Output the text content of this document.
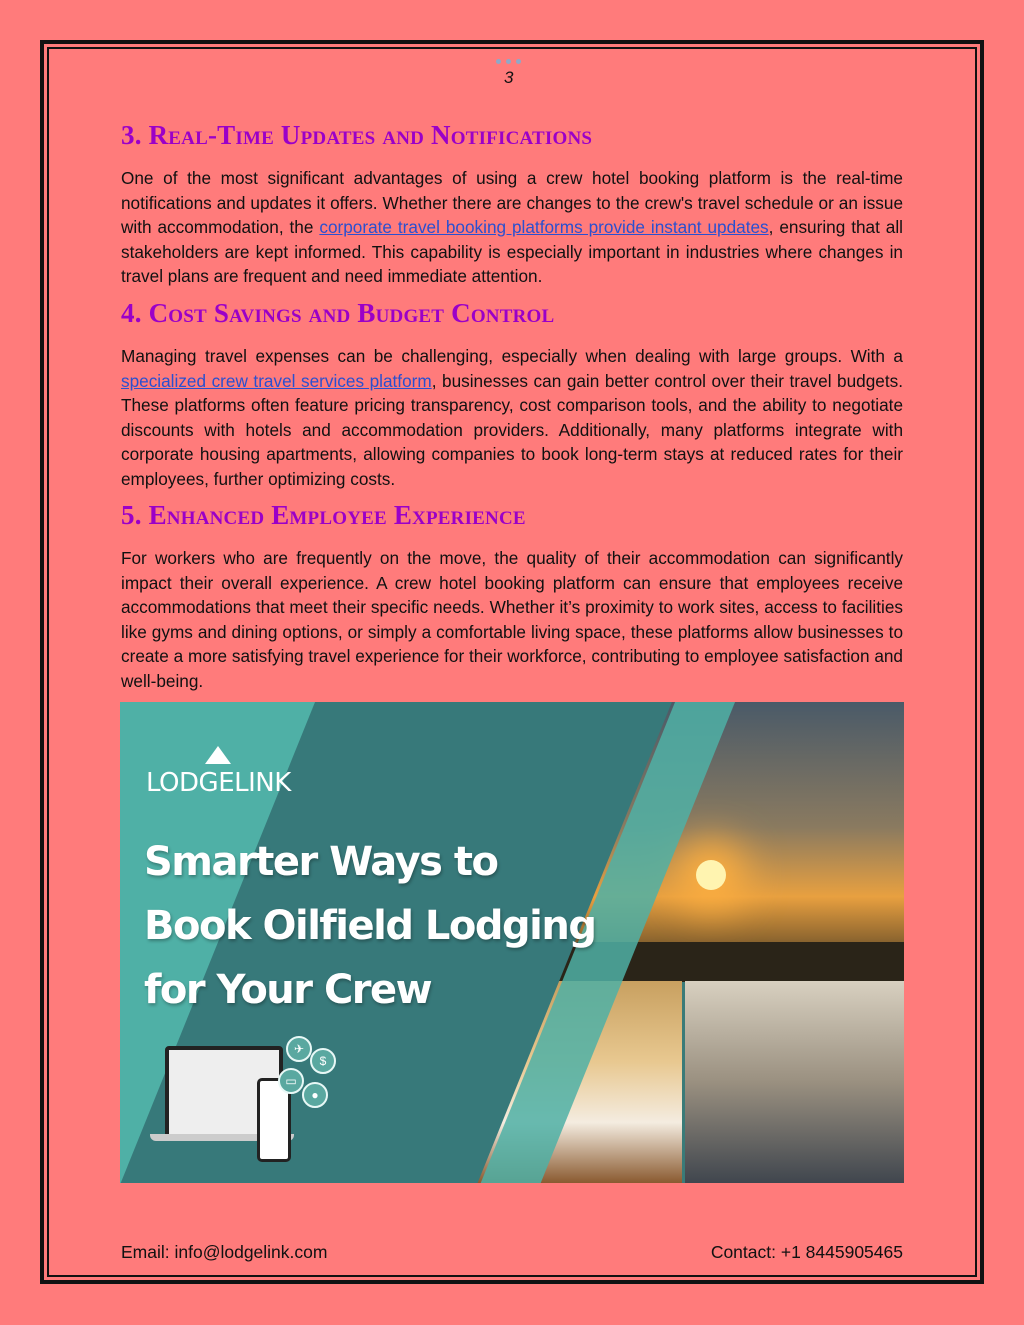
3
3. Real-Time Updates and Notifications

One of the most significant advantages of using a crew hotel booking platform is the real-time notifications and updates it offers. Whether there are changes to the crew's travel schedule or an issue with accommodation, the corporate travel booking platforms provide instant updates, ensuring that all stakeholders are kept informed. This capability is especially important in industries where changes in travel plans are frequent and need immediate attention.

4. Cost Savings and Budget Control

Managing travel expenses can be challenging, especially when dealing with large groups. With a specialized crew travel services platform, businesses can gain better control over their travel budgets. These platforms often feature pricing transparency, cost comparison tools, and the ability to negotiate discounts with hotels and accommodation providers. Additionally, many platforms integrate with corporate housing apartments, allowing companies to book long-term stays at reduced rates for their employees, further optimizing costs.

5. Enhanced Employee Experience

For workers who are frequently on the move, the quality of their accommodation can significantly impact their overall experience. A crew hotel booking platform can ensure that employees receive accommodations that meet their specific needs. Whether it’s proximity to work sites, access to facilities like gyms and dining options, or simply a comfortable living space, these platforms allow businesses to create a more satisfying travel experience for their workforce, contributing to employee satisfaction and well-being.

LODGELINK
Smarter Ways to
Book Oilfield Lodging
for Your Crew
✈
$
▭
●
Email: info@lodgelink.com	Contact: +1 8445905465
